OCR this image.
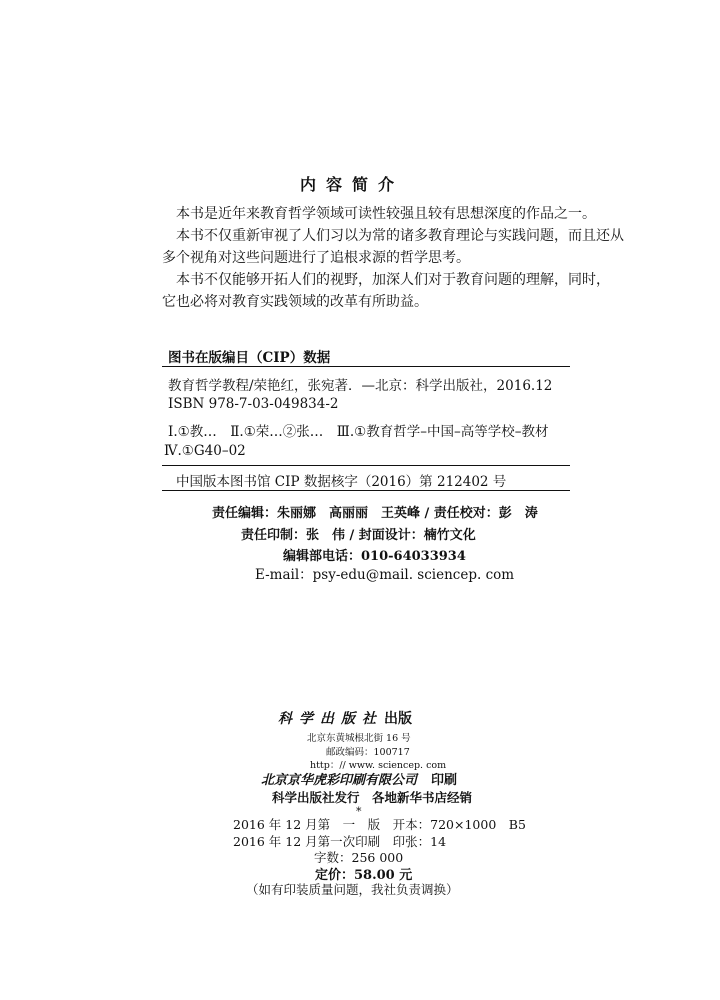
内容简介
本书是近年来教育哲学领域可读性较强且较有思想深度的作品之一。
本书不仅重新审视了人们习以为常的诸多教育理论与实践问题，而且还从
多个视角对这些问题进行了追根求源的哲学思考。
本书不仅能够开拓人们的视野，加深人们对于教育问题的理解，同时，
它也必将对教育实践领域的改革有所助益。
图书在版编目（CIP）数据
教育哲学教程/荣艳红，张宛著．—北京：科学出版社，2016.12
ISBN 978-7-03-049834-2
Ⅰ.①教…　Ⅱ.①荣…②张…　Ⅲ.①教育哲学–中国–高等学校–教材
Ⅳ.①G40–02
中国版本图书馆 CIP 数据核字（2016）第 212402 号
责任编辑：朱丽娜　高丽丽　王英峰 / 责任校对：彭　涛
责任印制：张　伟 / 封面设计：楠竹文化
编辑部电话：010-64033934
E-mail：psy-edu@mail. sciencep. com
科学出版社 出版
北京东黄城根北街 16 号
邮政编码：100717
http：// www. sciencep. com
北京京华虎彩印刷有限公司 印刷
科学出版社发行　各地新华书店经销
*
2016 年 12 月第　一　版　开本：720×1000　B5
2016 年 12 月第一次印刷　印张：14
字数：256 000
定价：58.00 元
（如有印装质量问题，我社负责调换）
